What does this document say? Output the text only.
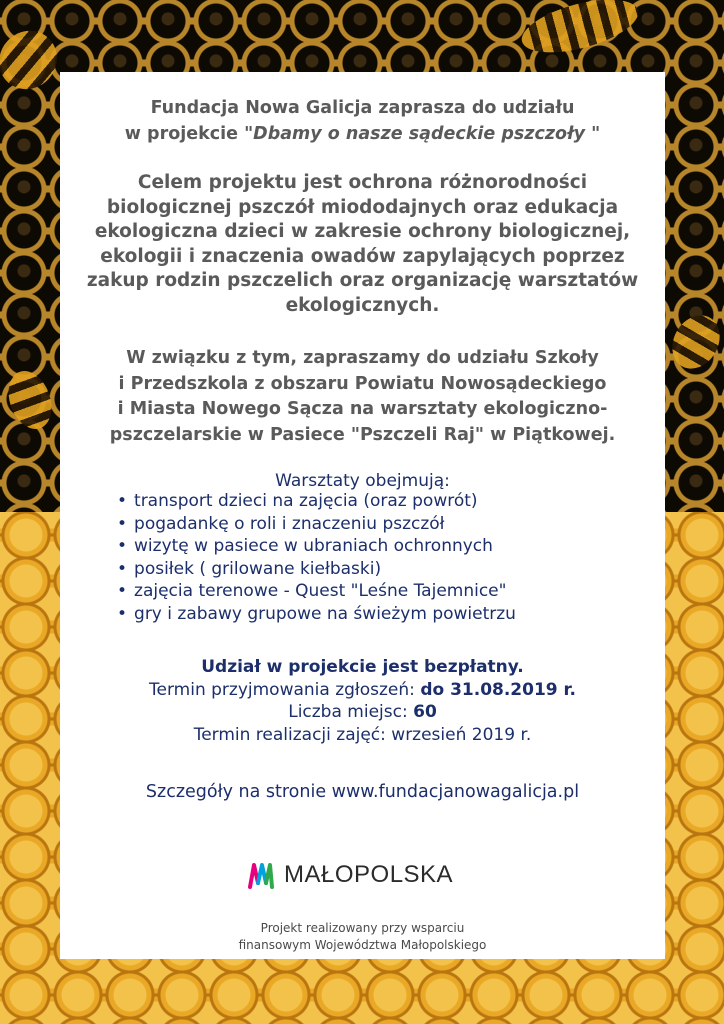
Fundacja Nowa Galicja zaprasza do udziału
w projekcie "Dbamy o nasze sądeckie pszczoły "
Celem projektu jest ochrona różnorodności
biologicznej pszczół miododajnych oraz edukacja
ekologiczna dzieci w zakresie ochrony biologicznej,
ekologii i znaczenia owadów zapylających poprzez
zakup rodzin pszczelich oraz organizację warsztatów
ekologicznych.
W związku z tym, zapraszamy do udziału Szkoły
i Przedszkola z obszaru Powiatu Nowosądeckiego
i Miasta Nowego Sącza na warsztaty ekologiczno-
pszczelarskie w Pasiece "Pszczeli Raj" w Piątkowej.
Warsztaty obejmują:
• transport dzieci na zajęcia (oraz powrót)
• pogadankę o roli i znaczeniu pszczół
• wizytę w pasiece w ubraniach ochronnych
• posiłek ( grilowane kiełbaski)
• zajęcia terenowe - Quest "Leśne Tajemnice"
• gry i zabawy grupowe na świeżym powietrzu
Udział w projekcie jest bezpłatny.
Termin przyjmowania zgłoszeń: do 31.08.2019 r.
Liczba miejsc: 60
Termin realizacji zajęć: wrzesień 2019 r.
Szczegóły na stronie www.fundacjanowagalicja.pl
MAŁOPOLSKA
Projekt realizowany przy wsparciu
finansowym Województwa Małopolskiego
